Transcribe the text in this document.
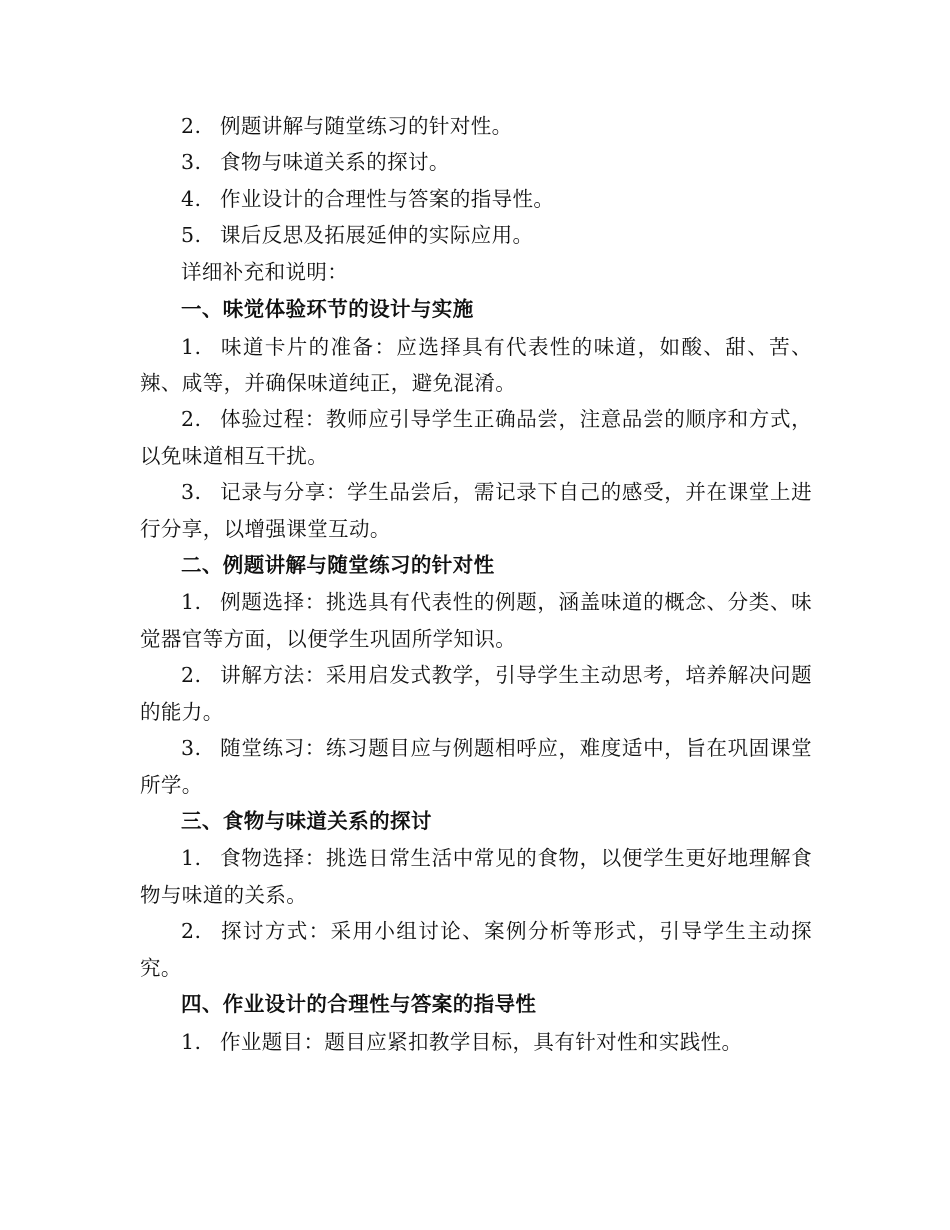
2. 例题讲解与随堂练习的针对性。

3. 食物与味道关系的探讨。

4. 作业设计的合理性与答案的指导性。

5. 课后反思及拓展延伸的实际应用。

详细补充和说明：

一、味觉体验环节的设计与实施

1. 味道卡片的准备：应选择具有代表性的味道，如酸、甜、苦、辣、咸等，并确保味道纯正，避免混淆。

2. 体验过程：教师应引导学生正确品尝，注意品尝的顺序和方式，以免味道相互干扰。

3. 记录与分享：学生品尝后，需记录下自己的感受，并在课堂上进行分享，以增强课堂互动。

二、例题讲解与随堂练习的针对性

1. 例题选择：挑选具有代表性的例题，涵盖味道的概念、分类、味觉器官等方面，以便学生巩固所学知识。

2. 讲解方法：采用启发式教学，引导学生主动思考，培养解决问题的能力。

3. 随堂练习：练习题目应与例题相呼应，难度适中，旨在巩固课堂所学。

三、食物与味道关系的探讨

1. 食物选择：挑选日常生活中常见的食物，以便学生更好地理解食物与味道的关系。

2. 探讨方式：采用小组讨论、案例分析等形式，引导学生主动探究。

四、作业设计的合理性与答案的指导性

1. 作业题目：题目应紧扣教学目标，具有针对性和实践性。
